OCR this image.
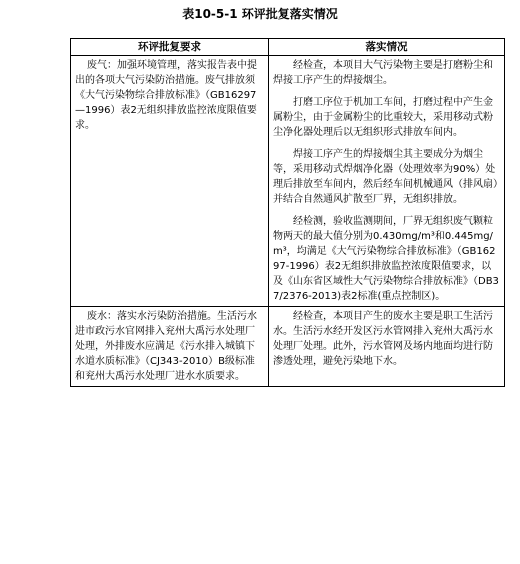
表10-5-1 环评批复落实情况
环评批复要求	落实情况

废气：加强环境管理，落实报告表中提出的各项大气污染防治措施。废气排放须《大气污染物综合排放标准》（GB16297—1996）表2无组织排放监控浓度限值要求。	经检查，本项目大气污染物主要是打磨粉尘和焊接工序产生的焊接烟尘。

打磨工序位于机加工车间，打磨过程中产生金属粉尘，由于金属粉尘的比重较大，采用移动式粉尘净化器处理后以无组织形式排放车间内。

焊接工序产生的焊接烟尘其主要成分为烟尘等，采用移动式焊烟净化器（处理效率为90%）处理后排放至车间内，然后经车间机械通风（排风扇）并结合自然通风扩散至厂界，无组织排放。

经检测，验收监测期间，厂界无组织废气颗粒物两天的最大值分别为0.430mg/m³和0.445mg/m³，均满足《大气污染物综合排放标准》（GB16297-1996）表2无组织排放监控浓度限值要求，以及《山东省区域性大气污染物综合排放标准》（DB37/2376-2013)表2标准(重点控制区)。

废水：落实水污染防治措施。生活污水进市政污水官网排入兖州大禹污水处理厂处理，外排废水应满足《污水排入城镇下水道水质标准》（CJ343-2010）B级标准和兖州大禹污水处理厂进水水质要求。	经检查，本项目产生的废水主要是职工生活污水。生活污水经开发区污水管网排入兖州大禹污水处理厂处理。此外，污水管网及场内地面均进行防渗透处理，避免污染地下水。
